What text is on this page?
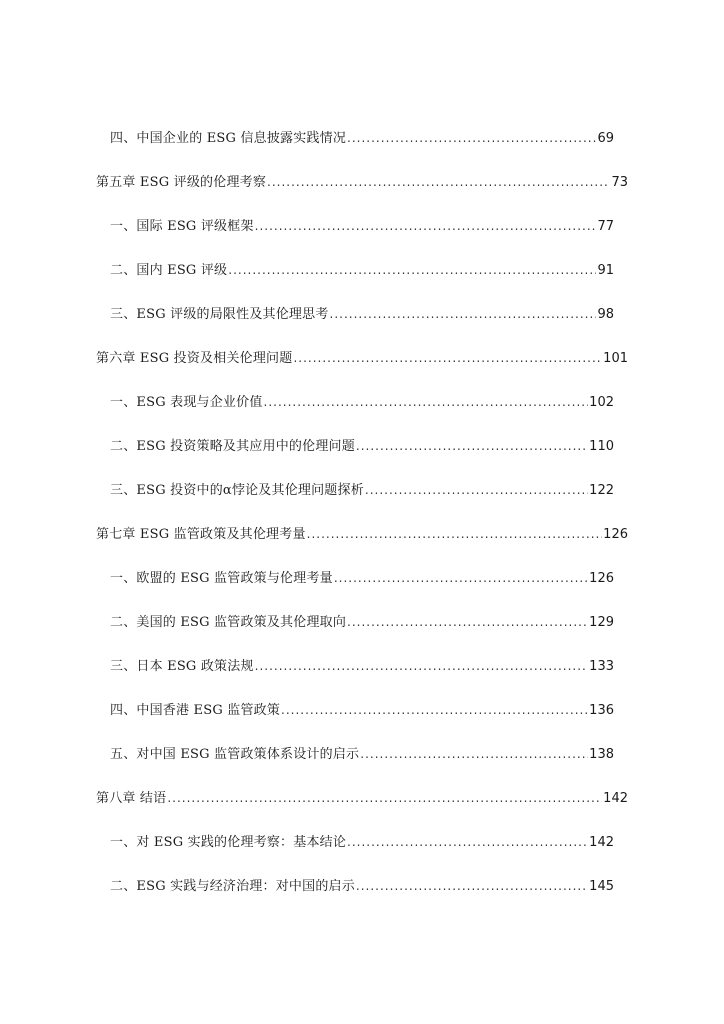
四、中国企业的 ESG 信息披露实践情况 .....	69
第五章 ESG 评级的伦理考察 .....	73
一、国际 ESG 评级框架 .....	77
二、国内 ESG 评级 .....	91
三、ESG 评级的局限性及其伦理思考 .....	98
第六章 ESG 投资及相关伦理问题 .....	101
一、ESG 表现与企业价值 .....	102
二、ESG 投资策略及其应用中的伦理问题 .....	110
三、ESG 投资中的α悖论及其伦理问题探析 .....	122
第七章 ESG 监管政策及其伦理考量 .....	126
一、欧盟的 ESG 监管政策与伦理考量 .....	126
二、美国的 ESG 监管政策及其伦理取向 .....	129
三、日本 ESG 政策法规 .....	133
四、中国香港 ESG 监管政策 .....	136
五、对中国 ESG 监管政策体系设计的启示 .....	138
第八章 结语 .....	142
一、对 ESG 实践的伦理考察：基本结论 .....	142
二、ESG 实践与经济治理：对中国的启示 .....	145
